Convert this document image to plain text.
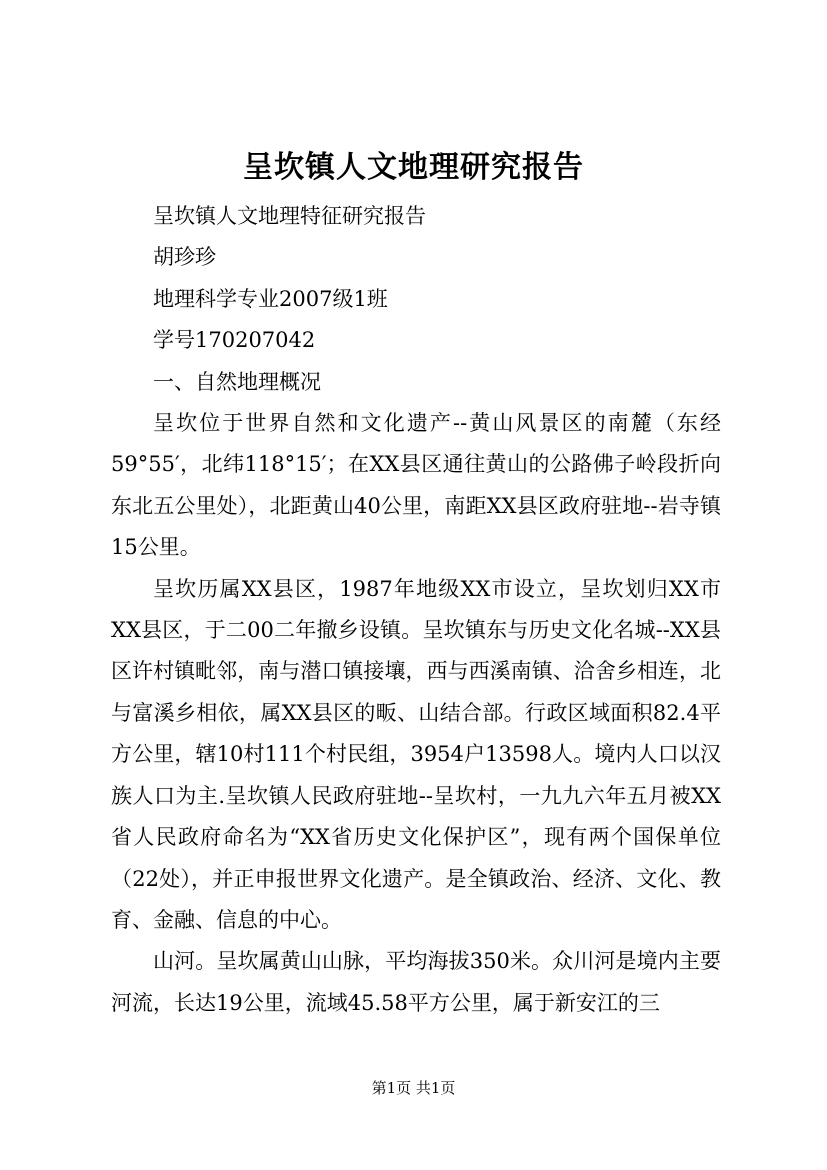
呈坎镇人文地理研究报告

呈坎镇人文地理特征研究报告

胡珍珍

地理科学专业2007级1班

学号170207042

一、自然地理概况

呈坎位于世界自然和文化遗产--黄山风景区的南麓（东经59°55′，北纬118°15′；在XX县区通往黄山的公路佛子岭段折向东北五公里处），北距黄山40公里，南距XX县区政府驻地--岩寺镇15公里。

呈坎历属XX县区，1987年地级XX市设立，呈坎划归XX市XX县区，于二00二年撤乡设镇。呈坎镇东与历史文化名城--XX县区许村镇毗邻，南与潜口镇接壤，西与西溪南镇、洽舍乡相连，北与富溪乡相依，属XX县区的畈、山结合部。行政区域面积82.4平方公里，辖10村111个村民组，3954户13598人。境内人口以汉族人口为主.呈坎镇人民政府驻地--呈坎村，一九九六年五月被XX省人民政府命名为“XX省历史文化保护区”，现有两个国保单位（22处），并正申报世界文化遗产。是全镇政治、经济、文化、教育、金融、信息的中心。

山河。呈坎属黄山山脉，平均海拔350米。众川河是境内主要河流，长达19公里，流域45.58平方公里，属于新安江的三

第1页 共1页
